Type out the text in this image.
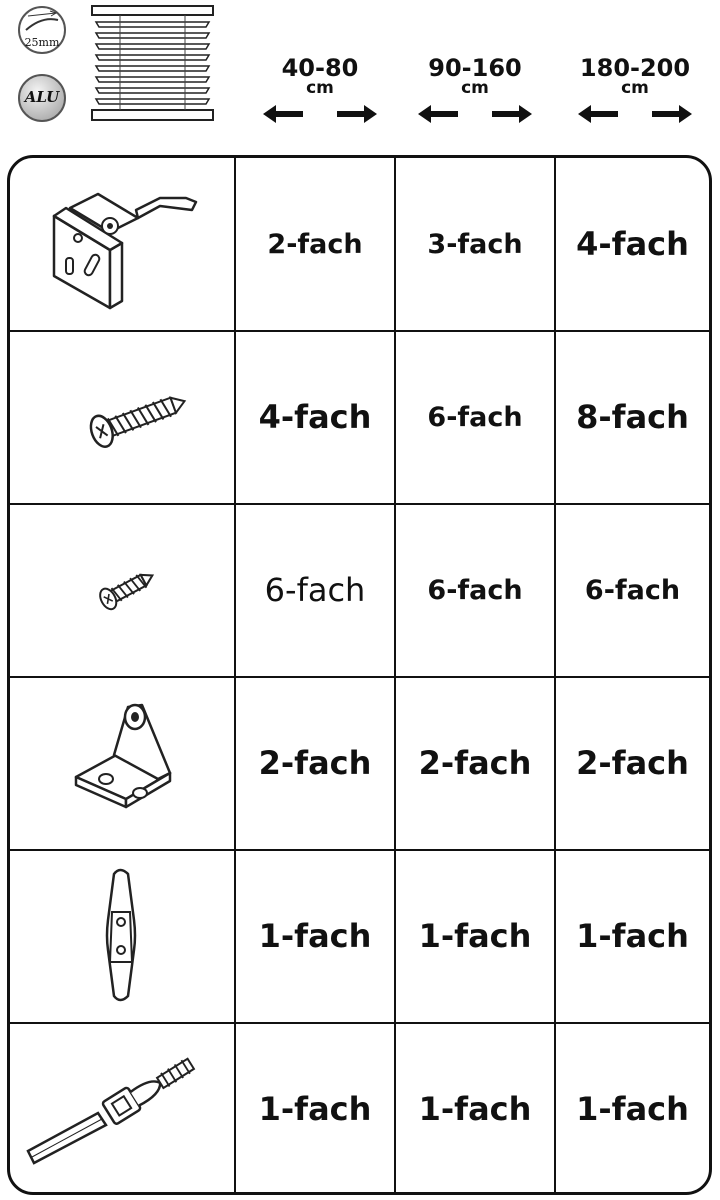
25mm
ALU
40-80
cm
90-160
cm
180-200
cm
2-fach	3-fach	4-fach
4-fach	6-fach	8-fach
6-fach	6-fach	6-fach
2-fach	2-fach	2-fach
1-fach	1-fach	1-fach
1-fach	1-fach	1-fach
